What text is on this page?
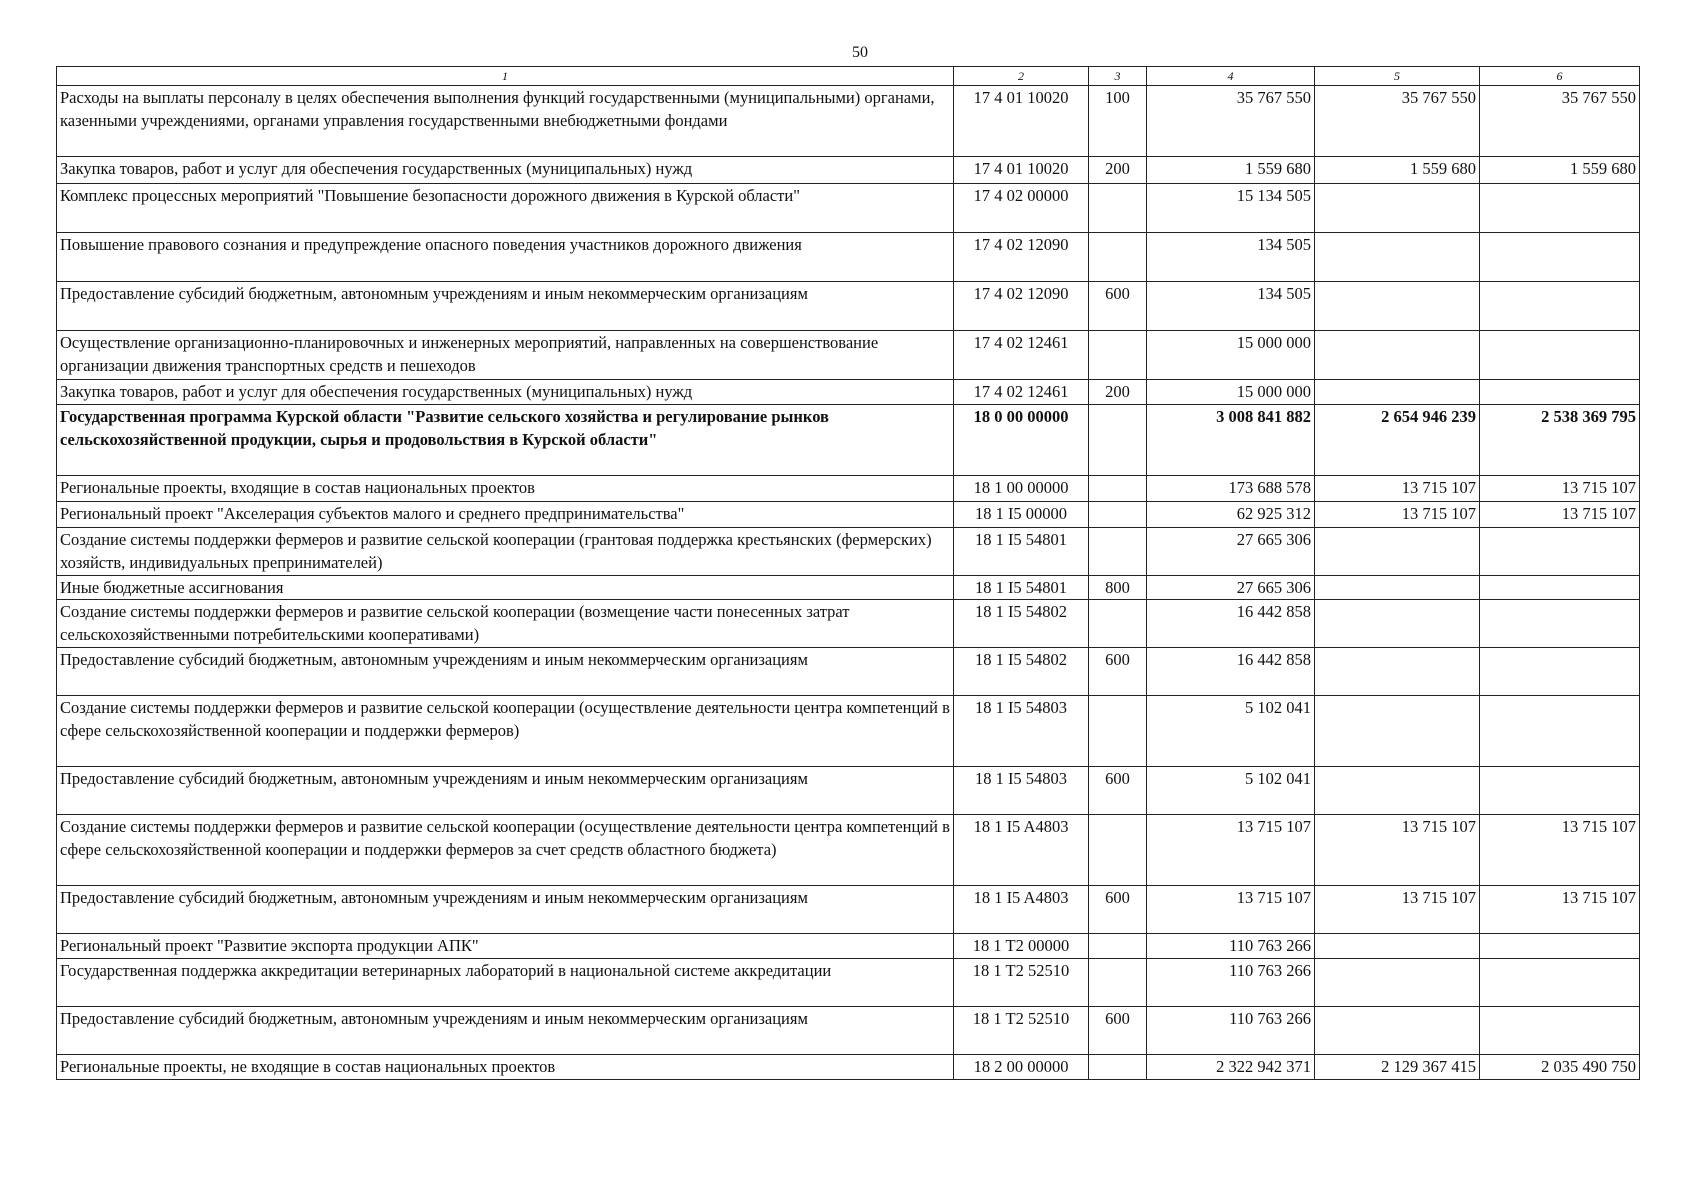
50
1	2	3	4	5	6
Расходы на выплаты персоналу в целях обеспечения выполнения функций государственными (муниципальными) органами, казенными учреждениями, органами управления государственными внебюджетными фондами	17 4 01 10020	100	35 767 550	35 767 550	35 767 550
Закупка товаров, работ и услуг для обеспечения государственных (муниципальных) нужд	17 4 01 10020	200	1 559 680	1 559 680	1 559 680
Комплекс процессных мероприятий "Повышение безопасности дорожного движения в Курской области"	17 4 02 00000		15 134 505		
Повышение правового сознания и предупреждение опасного поведения участников дорожного движения	17 4 02 12090		134 505		
Предоставление субсидий бюджетным, автономным учреждениям и иным некоммерческим организациям	17 4 02 12090	600	134 505		
Осуществление организационно-планировочных и инженерных мероприятий, направленных на совершенствование организации движения транспортных средств и пешеходов	17 4 02 12461		15 000 000		
Закупка товаров, работ и услуг для обеспечения государственных (муниципальных) нужд	17 4 02 12461	200	15 000 000		
Государственная программа Курской области "Развитие сельского хозяйства и регулирование рынков сельскохозяйственной продукции, сырья и продовольствия в Курской области"	18 0 00 00000		3 008 841 882	2 654 946 239	2 538 369 795
Региональные проекты, входящие в состав национальных проектов	18 1 00 00000		173 688 578	13 715 107	13 715 107
Региональный проект "Акселерация субъектов малого и среднего предпринимательства"	18 1 I5 00000		62 925 312	13 715 107	13 715 107
Создание системы поддержки фермеров и развитие сельской кооперации (грантовая поддержка крестьянских (фермерских) хозяйств, индивидуальных препринимателей)	18 1 I5 54801		27 665 306		
Иные бюджетные ассигнования	18 1 I5 54801	800	27 665 306		
Создание системы поддержки фермеров и развитие сельской кооперации (возмещение части понесенных затрат сельскохозяйственными потребительскими кооперативами)	18 1 I5 54802		16 442 858		
Предоставление субсидий бюджетным, автономным учреждениям и иным некоммерческим организациям	18 1 I5 54802	600	16 442 858		
Создание системы поддержки фермеров и развитие сельской кооперации (осуществление деятельности центра компетенций в сфере сельскохозяйственной кооперации и поддержки фермеров)	18 1 I5 54803		5 102 041		
Предоставление субсидий бюджетным, автономным учреждениям и иным некоммерческим организациям	18 1 I5 54803	600	5 102 041		
Создание системы поддержки фермеров и развитие сельской кооперации (осуществление деятельности центра компетенций в сфере сельскохозяйственной кооперации и поддержки фермеров за счет средств областного бюджета)	18 1 I5 A4803		13 715 107	13 715 107	13 715 107
Предоставление субсидий бюджетным, автономным учреждениям и иным некоммерческим организациям	18 1 I5 A4803	600	13 715 107	13 715 107	13 715 107
Региональный проект "Развитие экспорта продукции АПК"	18 1 T2 00000		110 763 266		
Государственная поддержка аккредитации ветеринарных лабораторий в национальной системе аккредитации	18 1 T2 52510		110 763 266		
Предоставление субсидий бюджетным, автономным учреждениям и иным некоммерческим организациям	18 1 T2 52510	600	110 763 266		
Региональные проекты, не входящие в состав национальных проектов	18 2 00 00000		2 322 942 371	2 129 367 415	2 035 490 750
